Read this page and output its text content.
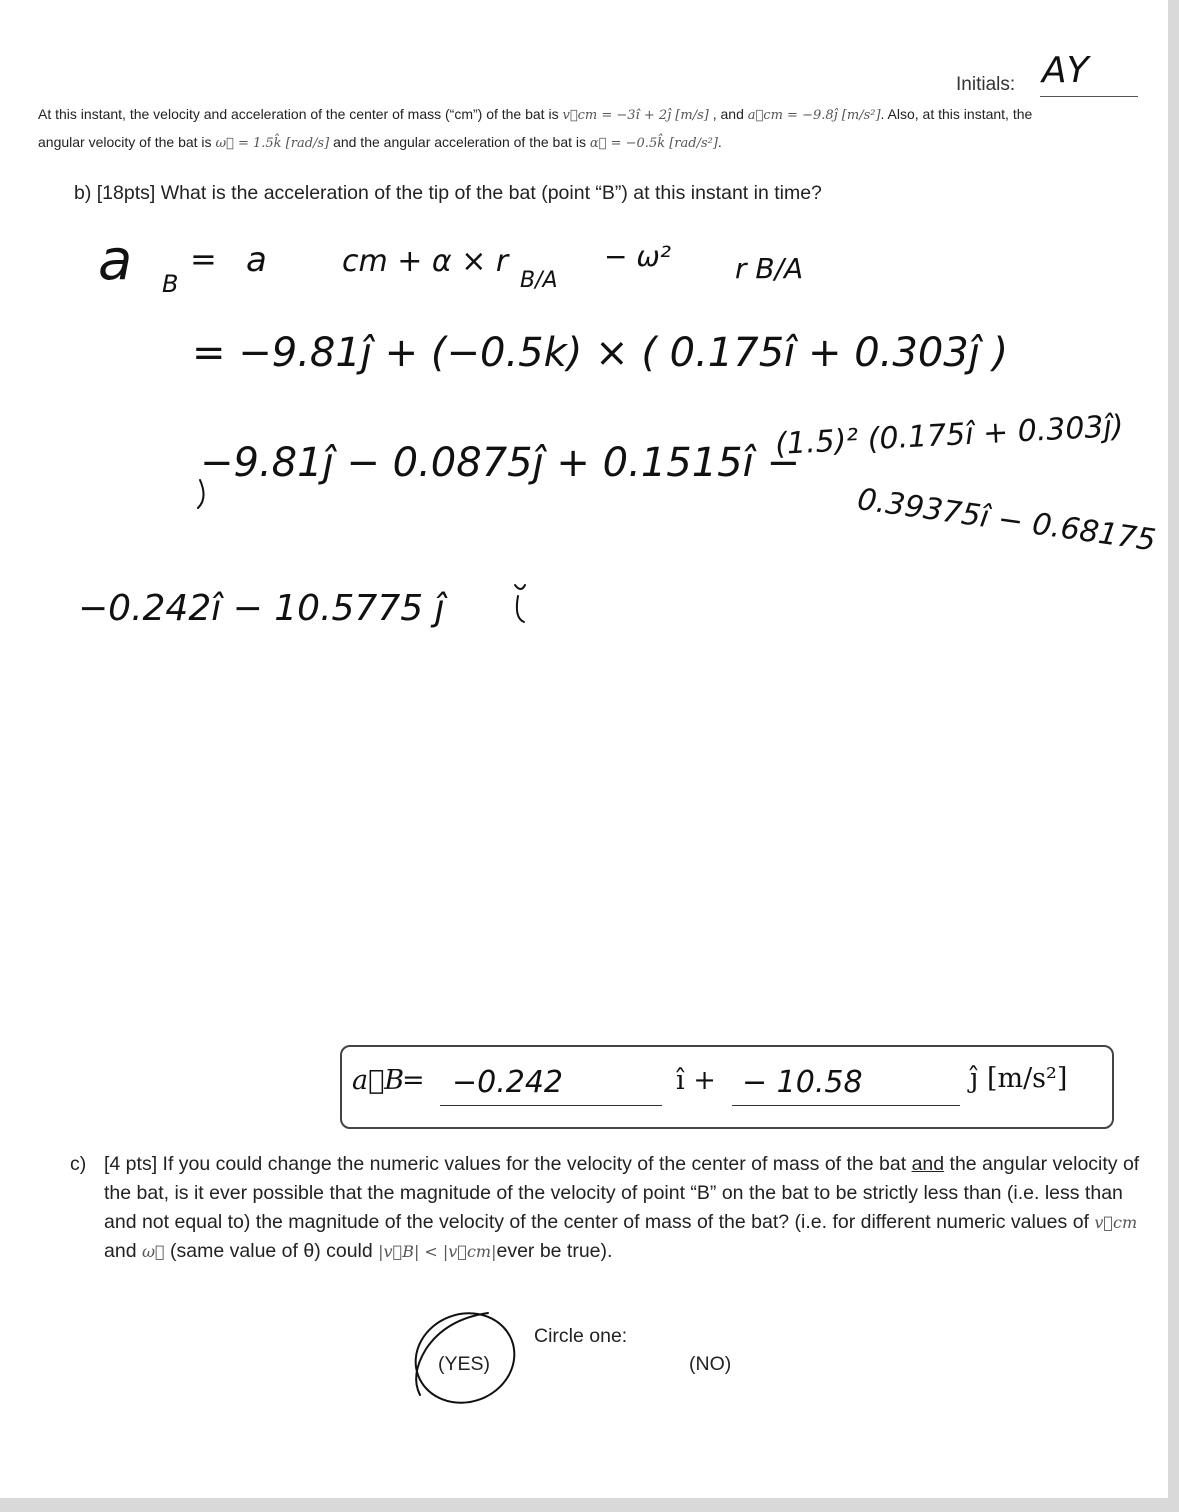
Initials: AY
At this instant, the velocity and acceleration of the center of mass (“cm”) of the bat is v⃗cm = −3î + 2ĵ [m/s] , and a⃗cm = −9.8ĵ [m/s²]. Also, at this instant, the
angular velocity of the bat is ω⃗ = 1.5k̂ [rad/s] and the angular acceleration of the bat is α⃗ = −0.5k̂ [rad/s²].
b) [18pts] What is the acceleration of the tip of the bat (point “B”) at this instant in time?
a B
= a	cm + α × r
B/A
− ω² r B/A
= −9.81ĵ + (−0.5k) × ( 0.175î + 0.303ĵ )
−9.81ĵ − 0.0875ĵ + 0.1515î −
(1.5)² (0.175î + 0.303ĵ)
0.39375î − 0.68175
−0.242î − 10.5775 ĵ
a⃗B
= −0.242	î + − 10.58	ĵ [m/s²]
c) [4 pts] If you could change the numeric values for the velocity of the center of mass of the bat and the angular velocity of the bat, is it ever possible that the magnitude of the velocity of point “B” on the bat to be strictly less than (i.e. less than and not equal to) the magnitude of the velocity of the center of mass of the bat? (i.e. for different numeric values of v⃗cm and ω⃗ (same value of θ) could |v⃗B| < |v⃗cm|ever be true).
Circle one:
(YES)	(NO)
